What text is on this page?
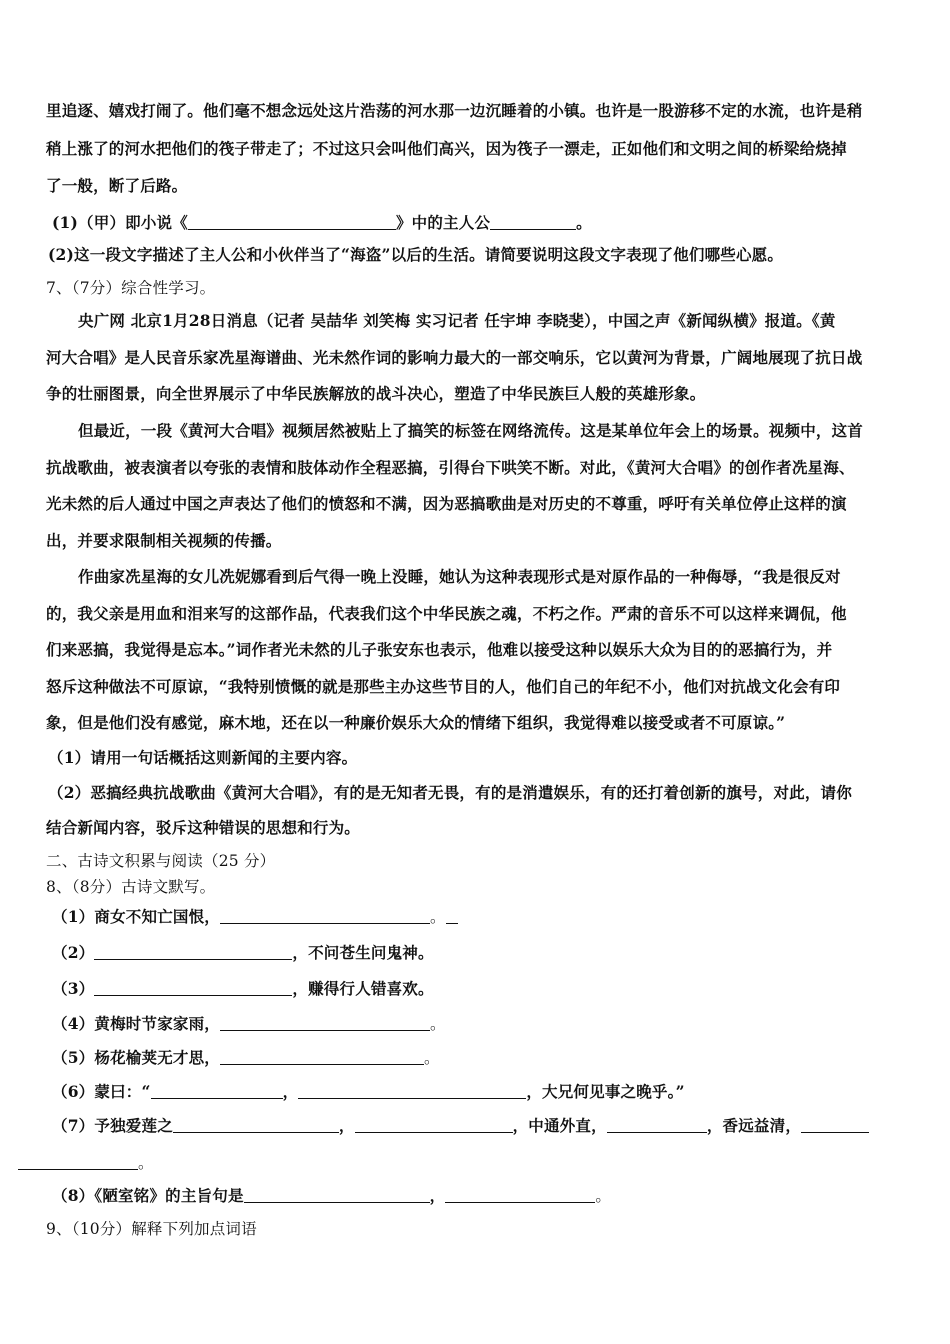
里追逐、嬉戏打闹了。他们毫不想念远处这片浩荡的河水那一边沉睡着的小镇。也许是一股游移不定的水流，也许是稍
稍上涨了的河水把他们的筏子带走了；不过这只会叫他们高兴，因为筏子一漂走，正如他们和文明之间的桥梁给烧掉
了一般，断了后路。
(1)（甲）即小说《	》中的主人公	。
(2)这一段文字描述了主人公和小伙伴当了“海盗”以后的生活。请简要说明这段文字表现了他们哪些心愿。
7、（7分）综合性学习。
央广网 北京1月28日消息（记者 吴喆华 刘笑梅 实习记者 任宇坤 李晓斐），中国之声《新闻纵横》报道。《黄
河大合唱》是人民音乐家冼星海谱曲、光未然作词的影响力最大的一部交响乐，它以黄河为背景，广阔地展现了抗日战
争的壮丽图景，向全世界展示了中华民族解放的战斗决心，塑造了中华民族巨人般的英雄形象。
但最近，一段《黄河大合唱》视频居然被贴上了搞笑的标签在网络流传。这是某单位年会上的场景。视频中，这首
抗战歌曲，被表演者以夸张的表情和肢体动作全程恶搞，引得台下哄笑不断。对此，《黄河大合唱》的创作者冼星海、
光未然的后人通过中国之声表达了他们的愤怒和不满，因为恶搞歌曲是对历史的不尊重，呼吁有关单位停止这样的演
出，并要求限制相关视频的传播。
作曲家冼星海的女儿冼妮娜看到后气得一晚上没睡，她认为这种表现形式是对原作品的一种侮辱，“我是很反对
的，我父亲是用血和泪来写的这部作品，代表我们这个中华民族之魂，不朽之作。严肃的音乐不可以这样来调侃，他
们来恶搞，我觉得是忘本。”词作者光未然的儿子张安东也表示，他难以接受这种以娱乐大众为目的的恶搞行为，并
怒斥这种做法不可原谅，“我特别愤慨的就是那些主办这些节目的人，他们自己的年纪不小，他们对抗战文化会有印
象，但是他们没有感觉，麻木地，还在以一种廉价娱乐大众的情绪下组织，我觉得难以接受或者不可原谅。”
（1）请用一句话概括这则新闻的主要内容。
（2）恶搞经典抗战歌曲《黄河大合唱》，有的是无知者无畏，有的是消遣娱乐，有的还打着创新的旗号，对此，请你
结合新闻内容，驳斥这种错误的思想和行为。
二、古诗文积累与阅读（25 分）
8、（8分）古诗文默写。
（1）商女不知亡国恨，	。
（2）	，不问苍生问鬼神。
（3）	，赚得行人错喜欢。
（4）黄梅时节家家雨，	。
（5）杨花榆荚无才思，	。
（6）蒙曰：“	，	，大兄何见事之晚乎。”
（7）予独爱莲之	，	，中通外直，	，香远益清，
。
（8）《陋室铭》的主旨句是	，	。
9、（10分）解释下列加点词语
